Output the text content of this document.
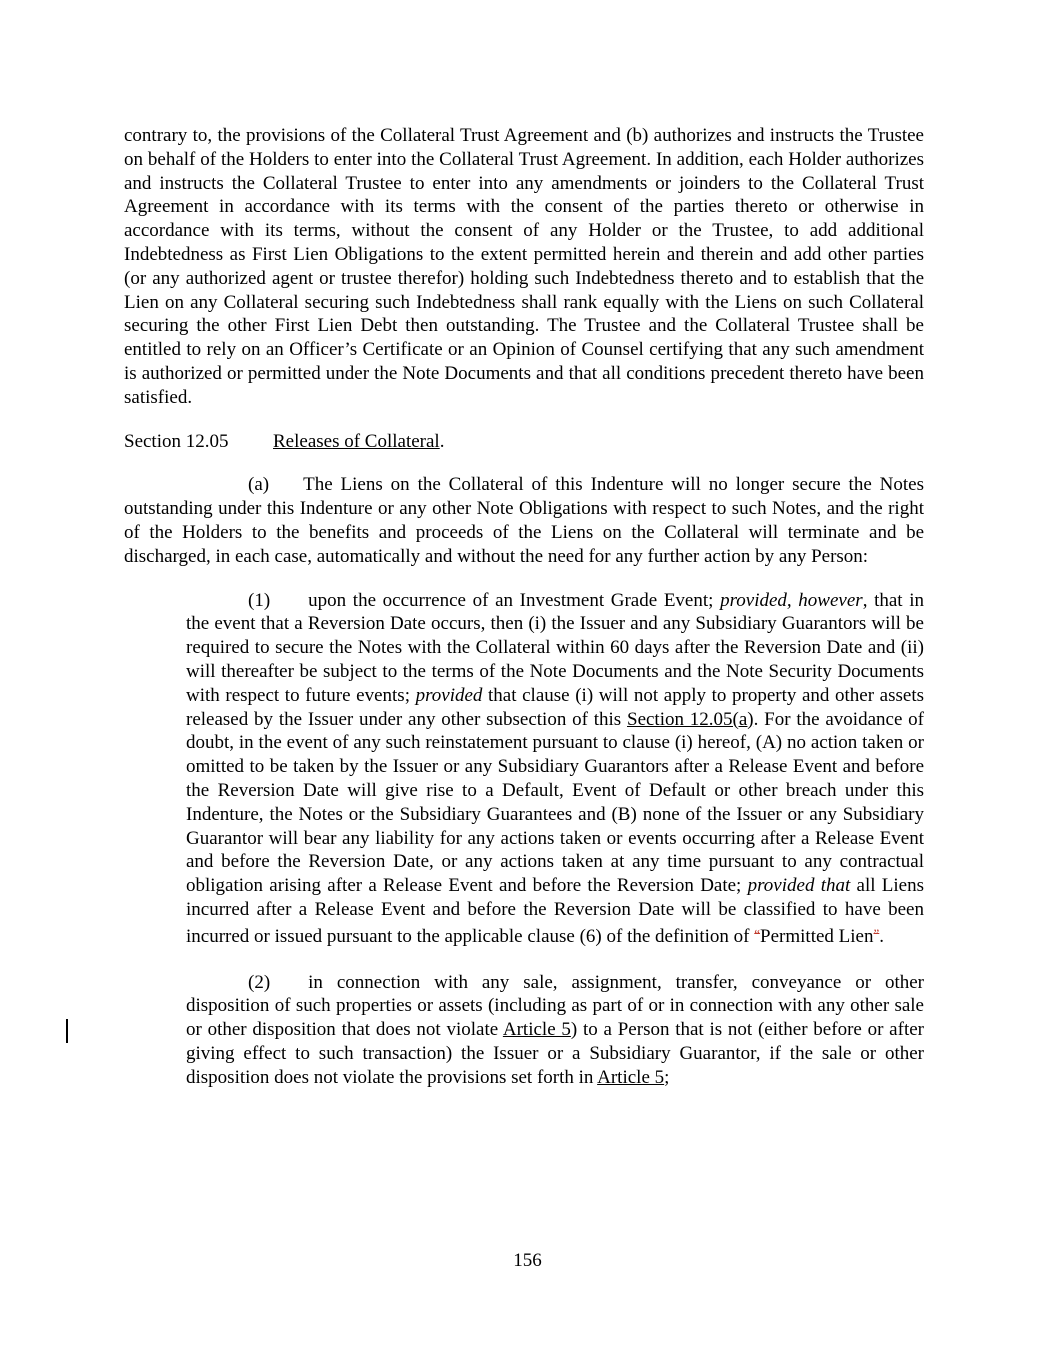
contrary to, the provisions of the Collateral Trust Agreement and (b) authorizes and instructs the Trustee on behalf of the Holders to enter into the Collateral Trust Agreement. In addition, each Holder authorizes and instructs the Collateral Trustee to enter into any amendments or joinders to the Collateral Trust Agreement in accordance with its terms with the consent of the parties thereto or otherwise in accordance with its terms, without the consent of any Holder or the Trustee, to add additional Indebtedness as First Lien Obligations to the extent permitted herein and therein and add other parties (or any authorized agent or trustee therefor) holding such Indebtedness thereto and to establish that the Lien on any Collateral securing such Indebtedness shall rank equally with the Liens on such Collateral securing the other First Lien Debt then outstanding. The Trustee and the Collateral Trustee shall be entitled to rely on an Officer’s Certificate or an Opinion of Counsel certifying that any such amendment is authorized or permitted under the Note Documents and that all conditions precedent thereto have been satisfied.

Section 12.05 Releases of Collateral.

(a) The Liens on the Collateral of this Indenture will no longer secure the Notes outstanding under this Indenture or any other Note Obligations with respect to such Notes, and the right of the Holders to the benefits and proceeds of the Liens on the Collateral will terminate and be discharged, in each case, automatically and without the need for any further action by any Person:

(1) upon the occurrence of an Investment Grade Event; provided, however, that in the event that a Reversion Date occurs, then (i) the Issuer and any Subsidiary Guarantors will be required to secure the Notes with the Collateral within 60 days after the Reversion Date and (ii) will thereafter be subject to the terms of the Note Documents and the Note Security Documents with respect to future events; provided that clause (i) will not apply to property and other assets released by the Issuer under any other subsection of this Section 12.05(a). For the avoidance of doubt, in the event of any such reinstatement pursuant to clause (i) hereof, (A) no action taken or omitted to be taken by the Issuer or any Subsidiary Guarantors after a Release Event and before the Reversion Date will give rise to a Default, Event of Default or other breach under this Indenture, the Notes or the Subsidiary Guarantees and (B) none of the Issuer or any Subsidiary Guarantor will bear any liability for any actions taken or events occurring after a Release Event and before the Reversion Date, or any actions taken at any time pursuant to any contractual obligation arising after a Release Event and before the Reversion Date; provided that all Liens incurred after a Release Event and before the Reversion Date will be classified to have been incurred or issued pursuant to the applicable clause (6) of the definition of “Permitted Lien”.

(2) in connection with any sale, assignment, transfer, conveyance or other disposition of such properties or assets (including as part of or in connection with any other sale or other disposition that does not violate Article 5) to a Person that is not (either before or after giving effect to such transaction) the Issuer or a Subsidiary Guarantor, if the sale or other disposition does not violate the provisions set forth in Article 5;

156
